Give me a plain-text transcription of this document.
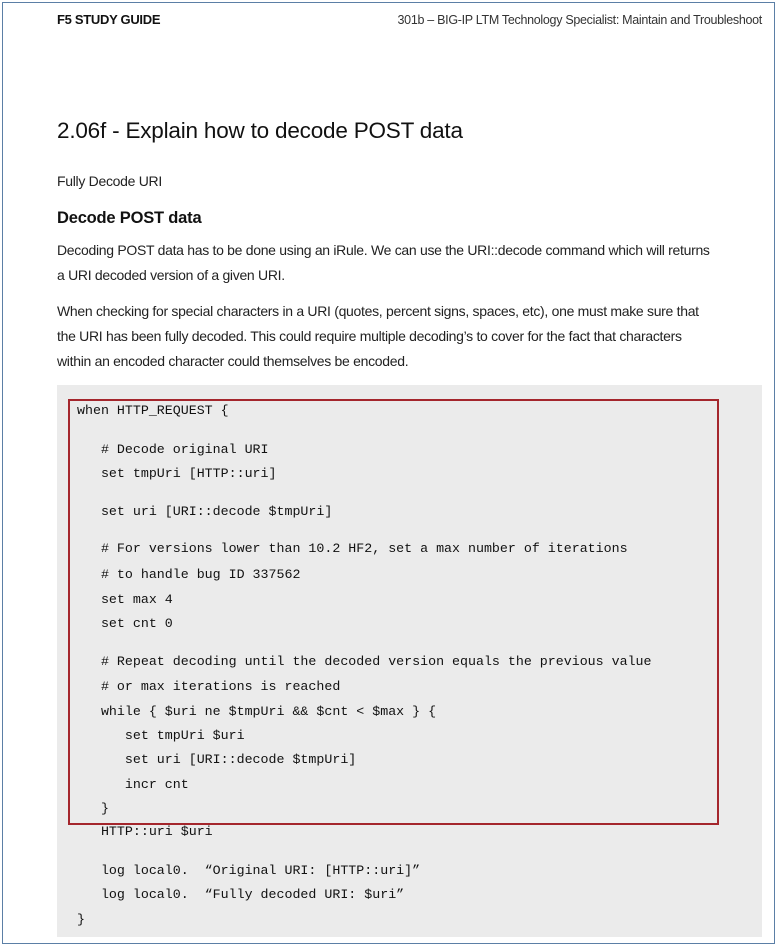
F5 STUDY GUIDE	301b – BIG-IP LTM Technology Specialist: Maintain and Troubleshoot
2.06f - Explain how to decode POST data
Fully Decode URI
Decode POST data
Decoding POST data has to be done using an iRule. We can use the URI::decode command which will returns
a URI decoded version of a given URI.
When checking for special characters in a URI (quotes, percent signs, spaces, etc), one must make sure that
the URI has been fully decoded. This could require multiple decoding’s to cover for the fact that characters
within an encoded character could themselves be encoded.
when HTTP_REQUEST {
# Decode original URI
set tmpUri [HTTP::uri]
set uri [URI::decode $tmpUri]
# For versions lower than 10.2 HF2, set a max number of iterations
# to handle bug ID 337562
set max 4
set cnt 0
# Repeat decoding until the decoded version equals the previous value
# or max iterations is reached
while { $uri ne $tmpUri && $cnt < $max } {
set tmpUri $uri
set uri [URI::decode $tmpUri]
incr cnt
}
HTTP::uri $uri
log local0.  “Original URI: [HTTP::uri]”
log local0.  “Fully decoded URI: $uri”
}
